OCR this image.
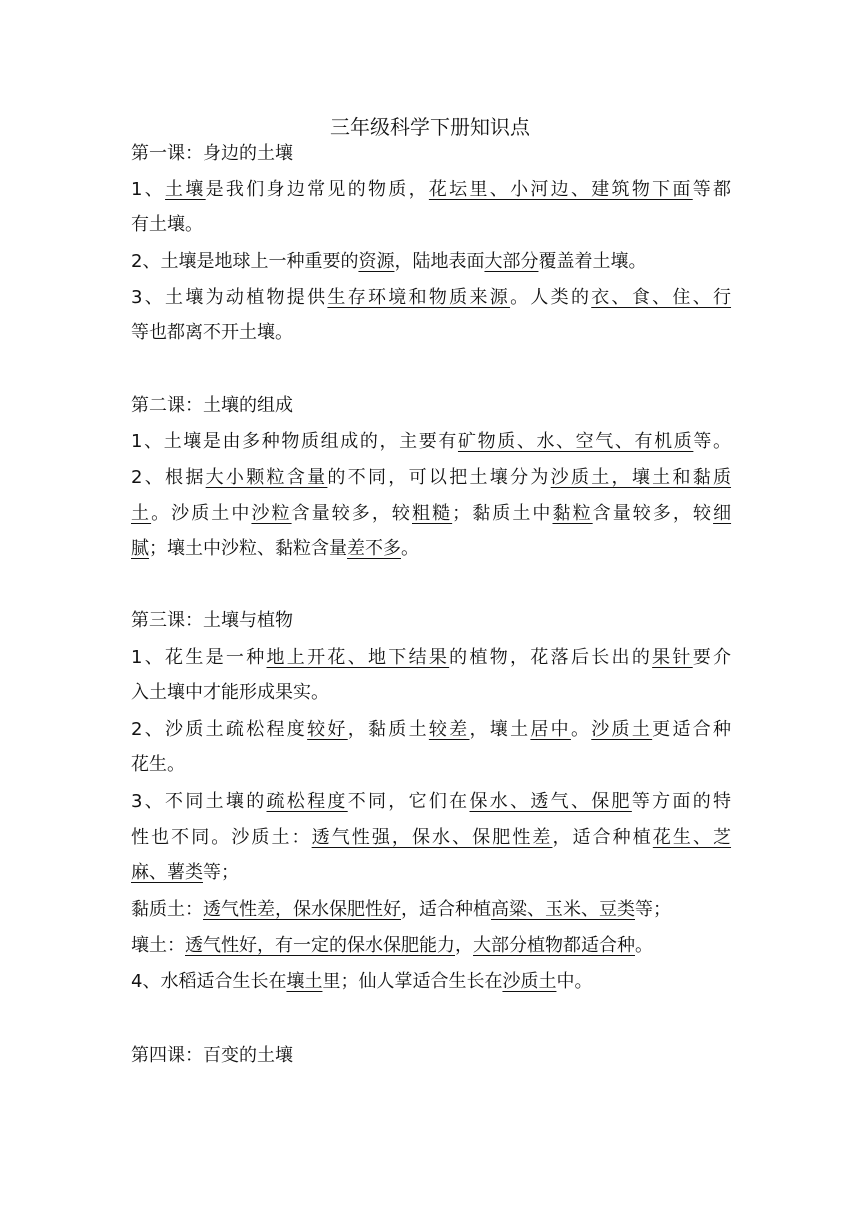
三年级科学下册知识点
第一课：身边的土壤
1、土壤是我们身边常见的物质，花坛里、小河边、建筑物下面等都
有土壤。
2、土壤是地球上一种重要的资源，陆地表面大部分覆盖着土壤。
3、土壤为动植物提供生存环境和物质来源。人类的衣、食、住、行
等也都离不开土壤。
第二课：土壤的组成
1、土壤是由多种物质组成的，主要有矿物质、水、空气、有机质等。
2、根据大小颗粒含量的不同，可以把土壤分为沙质土，壤土和黏质
土。沙质土中沙粒含量较多，较粗糙；黏质土中黏粒含量较多，较细
腻；壤土中沙粒、黏粒含量差不多。
第三课：土壤与植物
1、花生是一种地上开花、地下结果的植物，花落后长出的果针要介
入土壤中才能形成果实。
2、沙质土疏松程度较好，黏质土较差，壤土居中。沙质土更适合种
花生。
3、不同土壤的疏松程度不同，它们在保水、透气、保肥等方面的特
性也不同。沙质土：透气性强，保水、保肥性差，适合种植花生、芝
麻、薯类等；
黏质土：透气性差，保水保肥性好，适合种植高粱、玉米、豆类等；
壤土：透气性好，有一定的保水保肥能力，大部分植物都适合种。
4、水稻适合生长在壤土里；仙人掌适合生长在沙质土中。
第四课：百变的土壤
